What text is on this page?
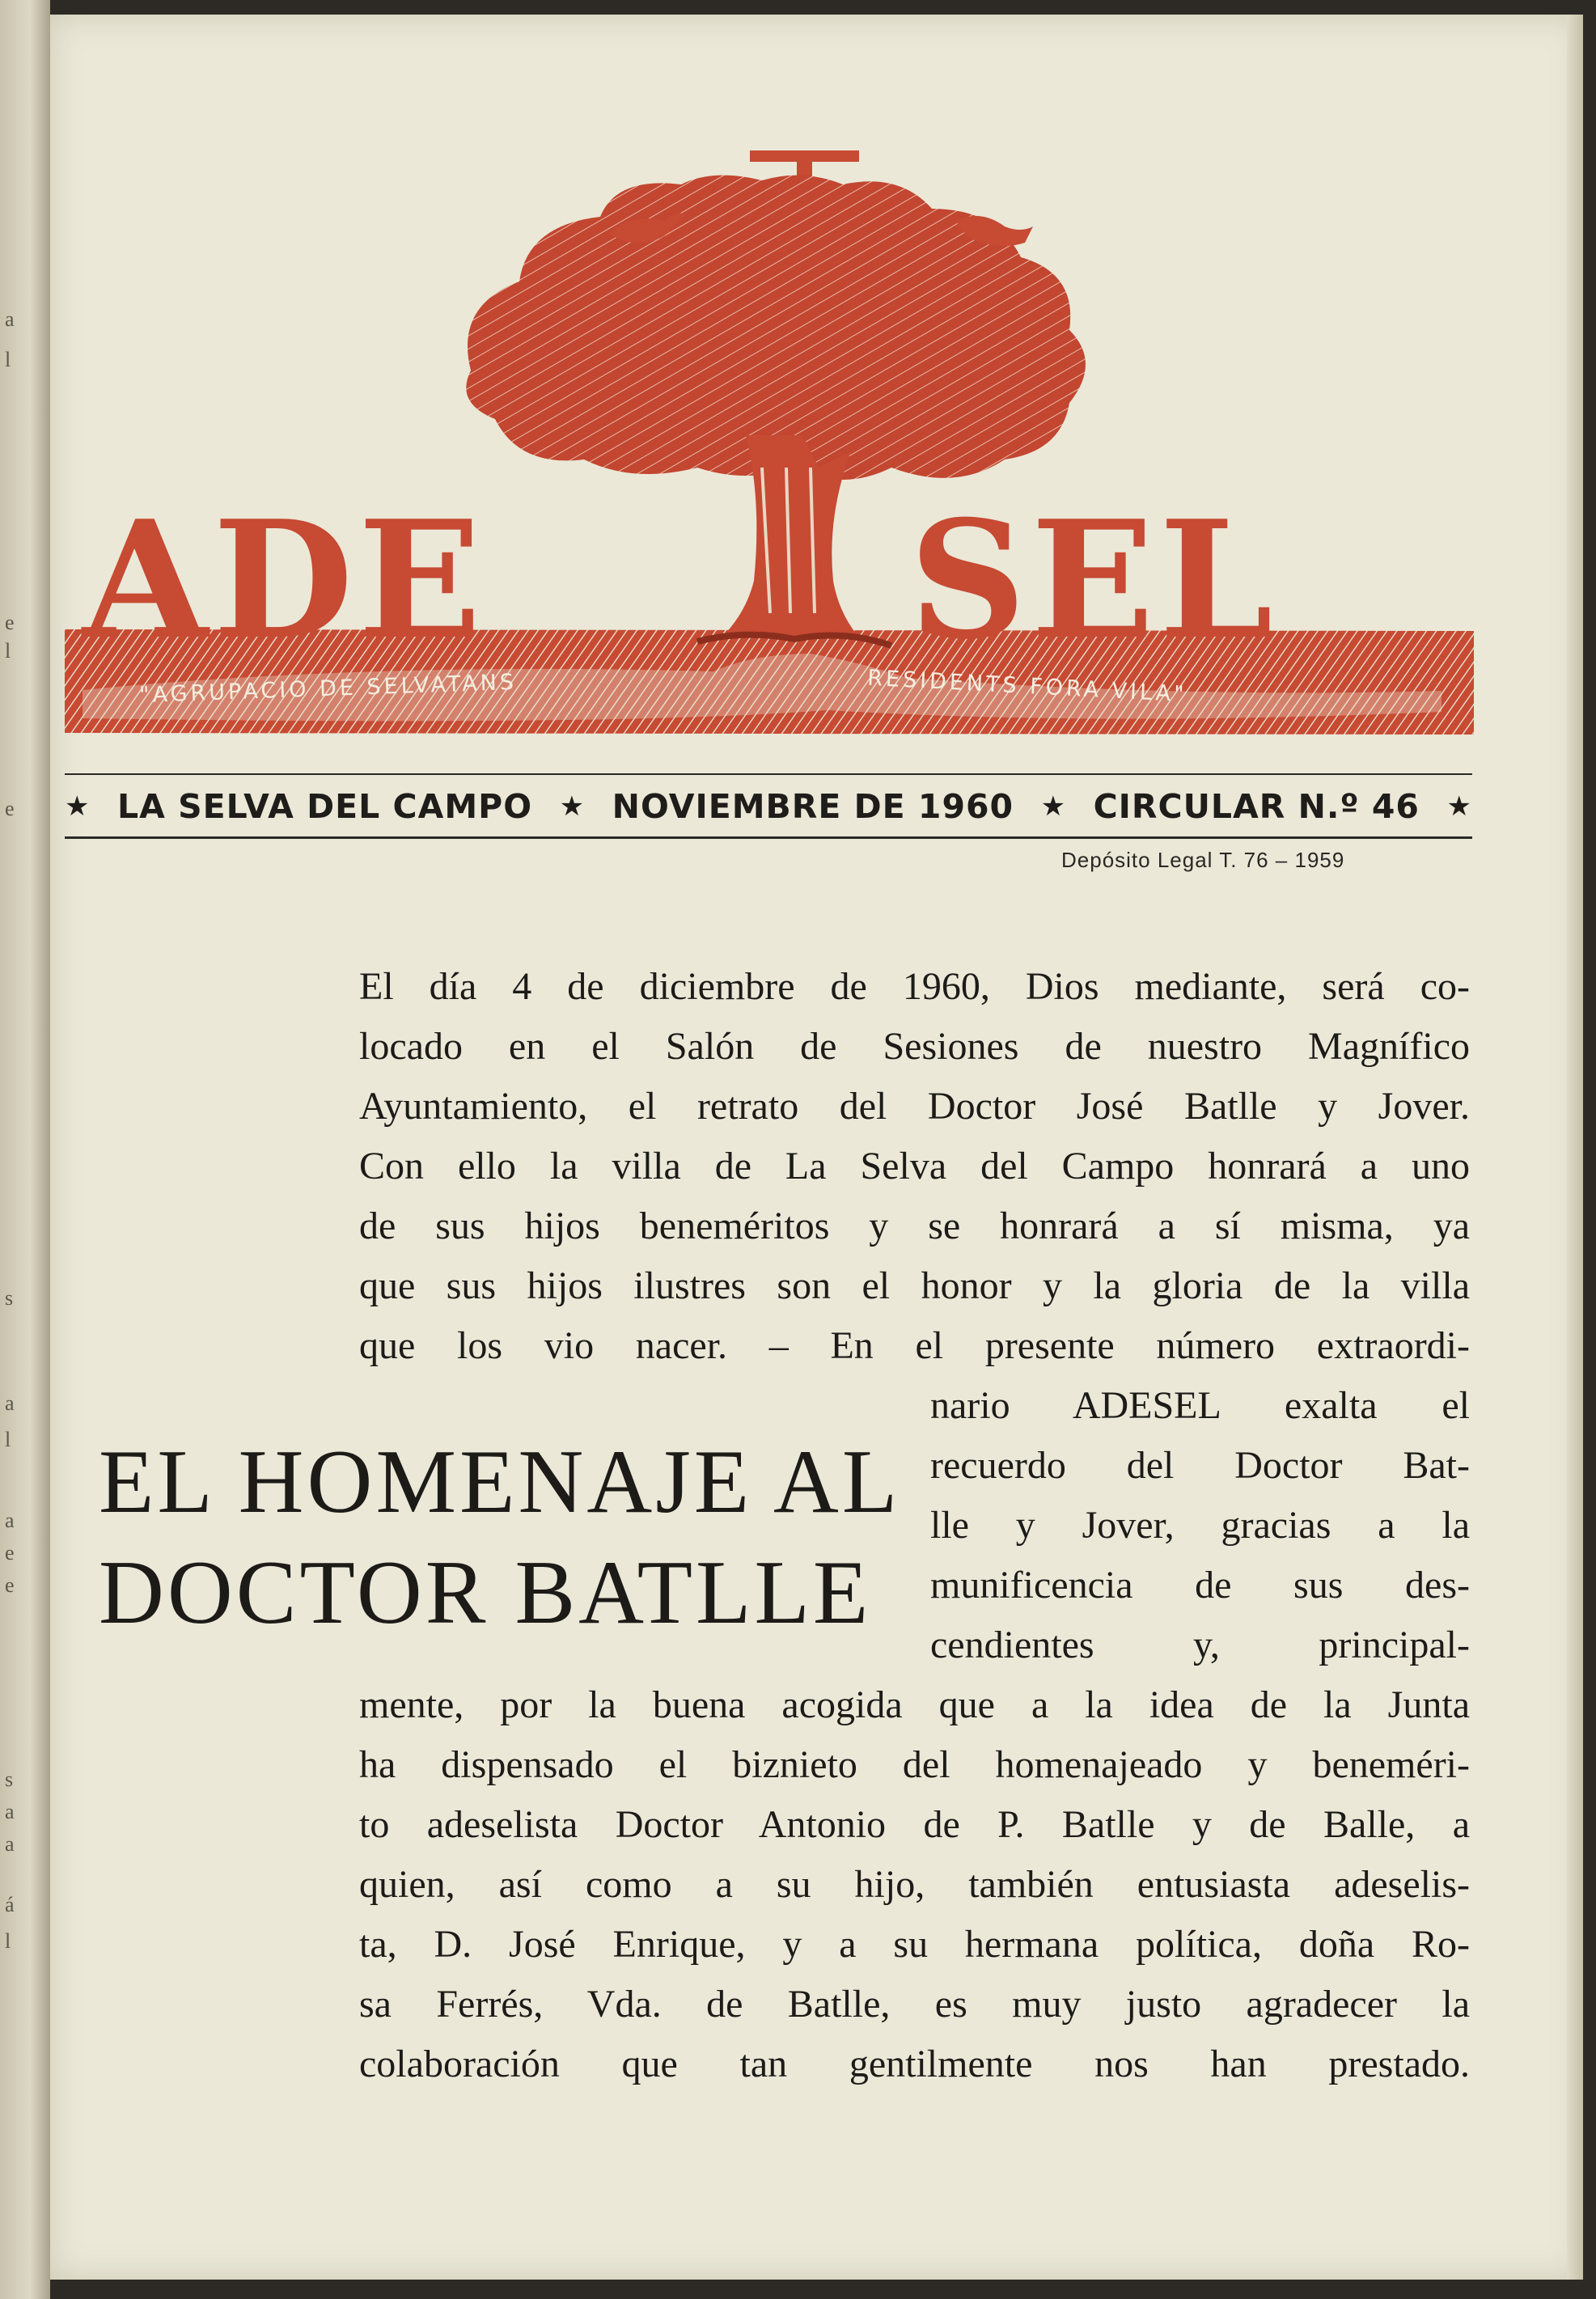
a
l
e
l
e
s
a
l
a
e
e
s
a
a
á
l
ADE	SEL
"AGRUPACIÓ DE SELVATANS	RESIDENTS FORA VILA"
★ LA SELVA DEL CAMPO ★ NOVIEMBRE DE 1960 ★ CIRCULAR N.º 46 ★
Depósito Legal T. 76 – 1959
EL HOMENAJE AL
DOCTOR BATLLE
El día 4 de diciembre de 1960, Dios mediante, será co-
locado en el Salón de Sesiones de nuestro Magnífico
Ayuntamiento, el retrato del Doctor José Batlle y Jover.
Con ello la villa de La Selva del Campo honrará a uno
de sus hijos beneméritos y se honrará a sí misma, ya
que sus hijos ilustres son el honor y la gloria de la villa
que los vio nacer. – En el presente número extraordi-
nario ADESEL exalta el
recuerdo del Doctor Bat-
lle y Jover, gracias a la
munificencia de sus des-
cendientes y, principal-
mente, por la buena acogida que a la idea de la Junta
ha dispensado el biznieto del homenajeado y beneméri-
to adeselista Doctor Antonio de P. Batlle y de Balle, a
quien, así como a su hijo, también entusiasta adeselis-
ta, D. José Enrique, y a su hermana política, doña Ro-
sa Ferrés, Vda. de Batlle, es muy justo agradecer la
colaboración que tan gentilmente nos han prestado.
